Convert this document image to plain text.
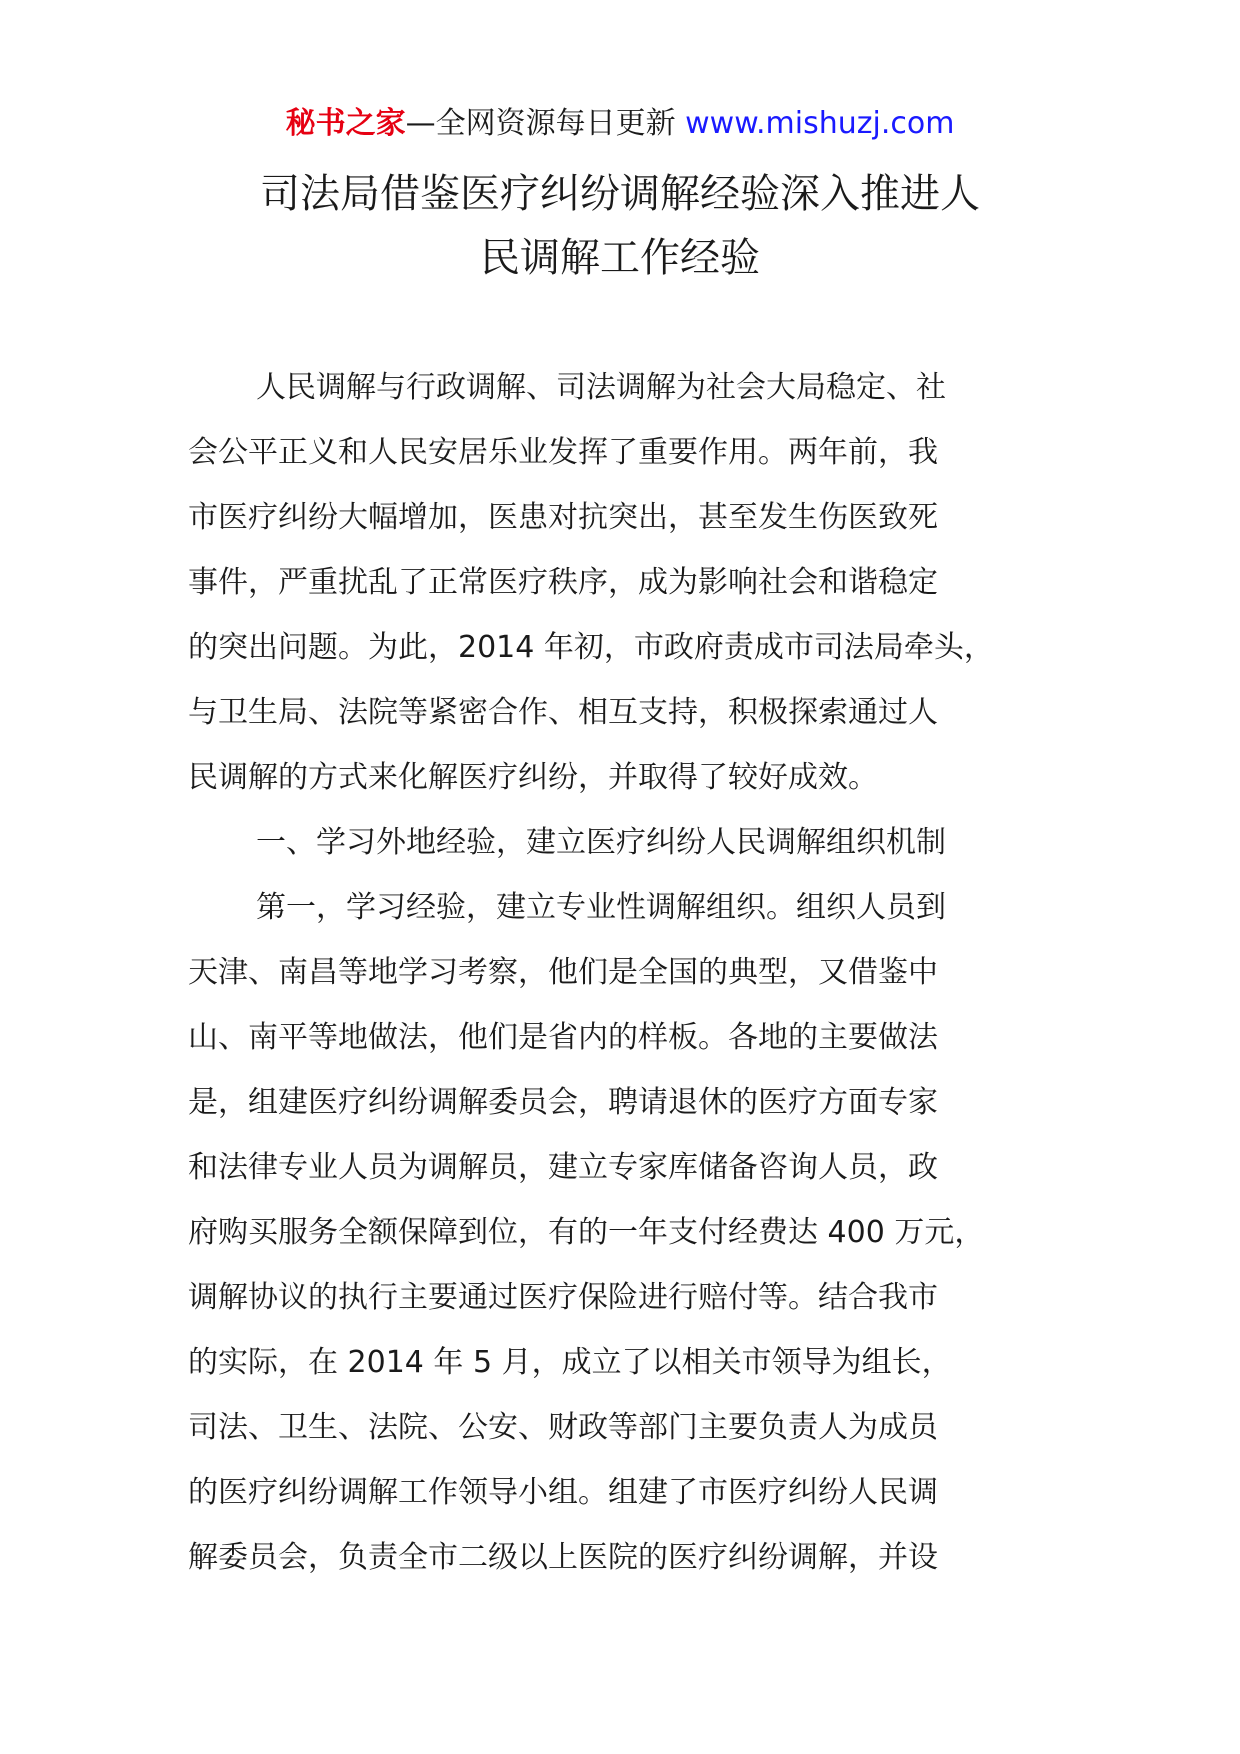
秘书之家—全网资源每日更新 www.mishuzj.com
司法局借鉴医疗纠纷调解经验深入推进人
民调解工作经验
人民调解与行政调解、司法调解为社会大局稳定、社
会公平正义和人民安居乐业发挥了重要作用。两年前，我
市医疗纠纷大幅增加，医患对抗突出，甚至发生伤医致死
事件，严重扰乱了正常医疗秩序，成为影响社会和谐稳定
的突出问题。为此，2014 年初，市政府责成市司法局牵头，
与卫生局、法院等紧密合作、相互支持，积极探索通过人
民调解的方式来化解医疗纠纷，并取得了较好成效。
一、学习外地经验，建立医疗纠纷人民调解组织机制
第一，学习经验，建立专业性调解组织。组织人员到
天津、南昌等地学习考察，他们是全国的典型，又借鉴中
山、南平等地做法，他们是省内的样板。各地的主要做法
是，组建医疗纠纷调解委员会，聘请退休的医疗方面专家
和法律专业人员为调解员，建立专家库储备咨询人员，政
府购买服务全额保障到位，有的一年支付经费达 400 万元，
调解协议的执行主要通过医疗保险进行赔付等。结合我市
的实际，在 2014 年 5 月，成立了以相关市领导为组长，
司法、卫生、法院、公安、财政等部门主要负责人为成员
的医疗纠纷调解工作领导小组。组建了市医疗纠纷人民调
解委员会，负责全市二级以上医院的医疗纠纷调解，并设
